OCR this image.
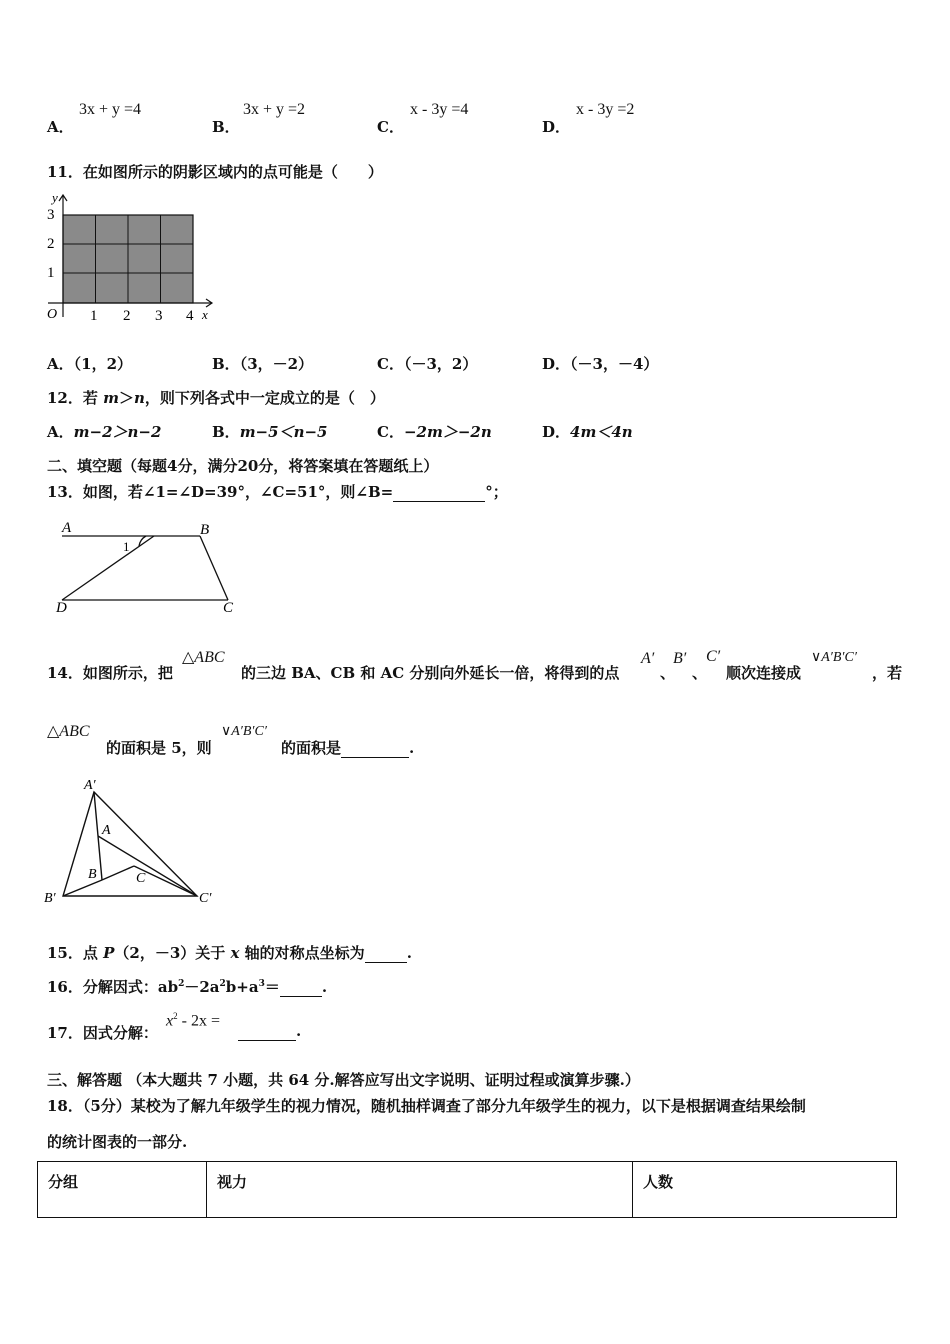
A．
3x + y =4
B．
3x + y =2
C．
x - 3y =4
D．
x - 3y =2
11．在如图所示的阴影区域内的点可能是（　　）
y
3
2
1
O 1 2 3 4 x
A．（1，2）	B．（3，－2）	C．（－3，2）	D．（－3，－4）
12．若 m＞n，则下列各式中一定成立的是（　）
A．m−2＞n−2	B．m−5＜n−5	C．−2m＞−2n	D．4m＜4n
二、填空题（每题4分，满分20分，将答案填在答题纸上）
13．如图，若∠1=∠D=39°，∠C=51°，则∠B=	°；
A	B
D	C
1
14．如图所示，把
△ABC
的三边 BA、CB 和 AC 分别向外延长一倍，将得到的点
A′
、
B′
、
C′
顺次连接成
∨A′B′C′
，若
△ABC
的面积是 5，则
∨A′B′C′
的面积是	.
A′
A
B	C
B′	C′
15．点 P（2，－3）关于 x 轴的对称点坐标为	.
16．分解因式：$ab^2-2a^2b+a^3=$	.
17．因式分解：
$x^2 - 2x$ =
.
三、解答题 （本大题共 7 小题，共 64 分.解答应写出文字说明、证明过程或演算步骤.）
18．（5分）某校为了解九年级学生的视力情况，随机抽样调查了部分九年级学生的视力，以下是根据调查结果绘制
的统计图表的一部分.
分组	视力	人数
